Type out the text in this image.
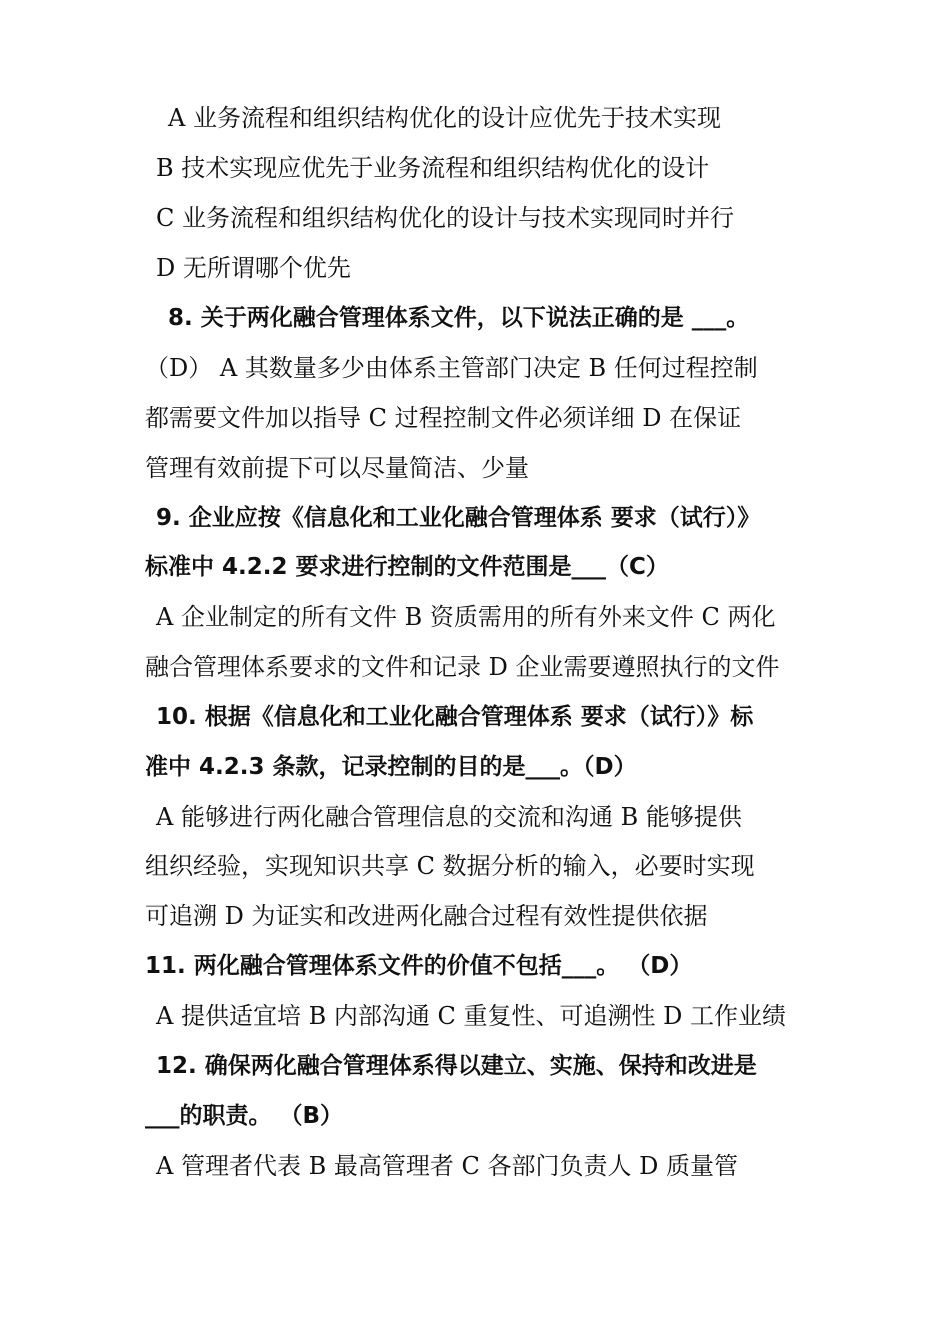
A 业务流程和组织结构优化的设计应优先于技术实现
B 技术实现应优先于业务流程和组织结构优化的设计
C 业务流程和组织结构优化的设计与技术实现同时并行
D 无所谓哪个优先
8. 关于两化融合管理体系文件，以下说法正确的是 ___。
（D） A 其数量多少由体系主管部门决定 B 任何过程控制
都需要文件加以指导 C 过程控制文件必须详细 D 在保证
管理有效前提下可以尽量简洁、少量
9. 企业应按《信息化和工业化融合管理体系 要求（试行）》
标准中 4.2.2 要求进行控制的文件范围是___（C）
A 企业制定的所有文件 B 资质需用的所有外来文件 C 两化
融合管理体系要求的文件和记录 D 企业需要遵照执行的文件
10. 根据《信息化和工业化融合管理体系 要求（试行）》标
准中 4.2.3 条款，记录控制的目的是___。（D）
A 能够进行两化融合管理信息的交流和沟通 B 能够提供
组织经验，实现知识共享 C 数据分析的输入，必要时实现
可追溯 D 为证实和改进两化融合过程有效性提供依据
11. 两化融合管理体系文件的价值不包括___。 （D）
A 提供适宜培 B 内部沟通 C 重复性、可追溯性 D 工作业绩
12. 确保两化融合管理体系得以建立、实施、保持和改进是
___的职责。 （B）
A 管理者代表 B 最高管理者 C 各部门负责人 D 质量管
